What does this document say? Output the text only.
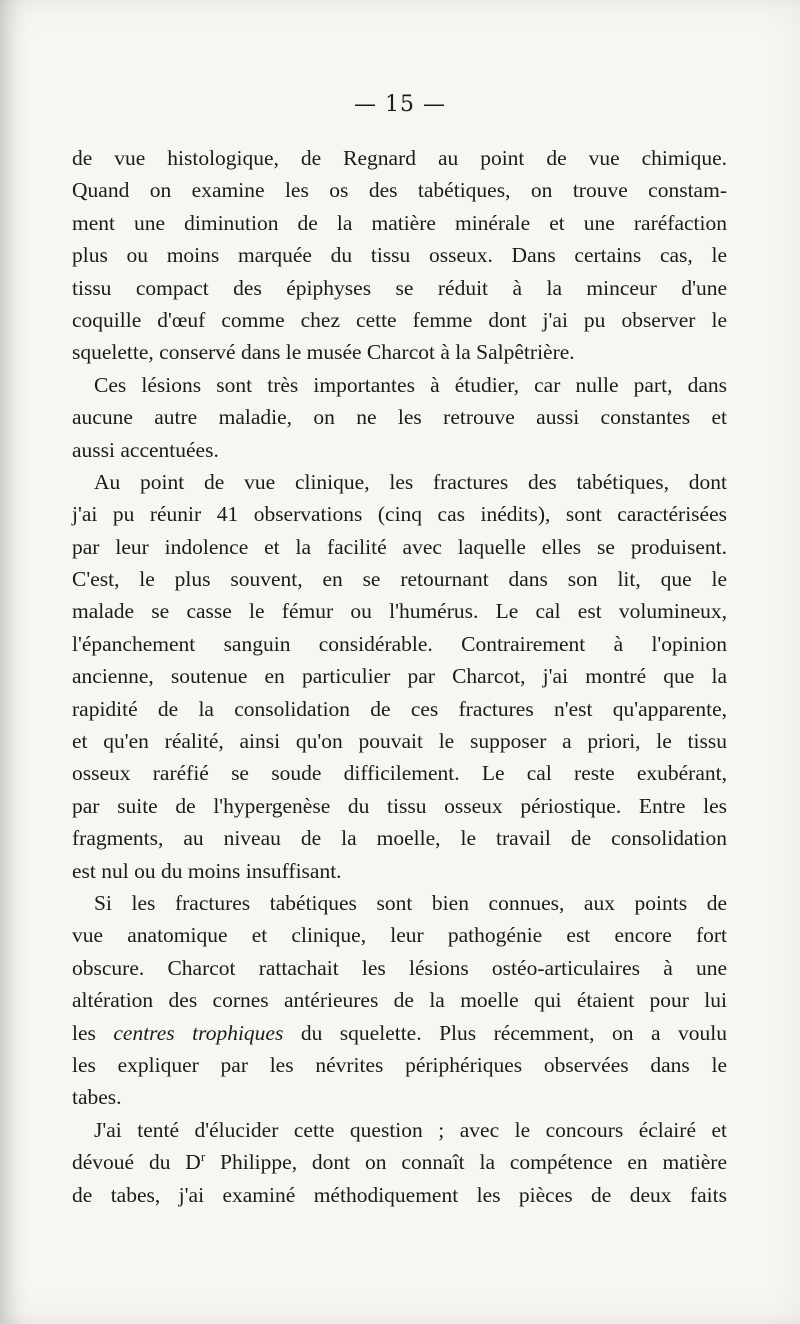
— 15 —
de vue histologique, de Regnard au point de vue chimique.
Quand on examine les os des tabétiques, on trouve constam-
ment une diminution de la matière minérale et une raréfaction
plus ou moins marquée du tissu osseux. Dans certains cas, le
tissu compact des épiphyses se réduit à la minceur d'une
coquille d'œuf comme chez cette femme dont j'ai pu observer le
squelette, conservé dans le musée Charcot à la Salpêtrière.
Ces lésions sont très importantes à étudier, car nulle part, dans
aucune autre maladie, on ne les retrouve aussi constantes et
aussi accentuées.
Au point de vue clinique, les fractures des tabétiques, dont
j'ai pu réunir 41 observations (cinq cas inédits), sont caractérisées
par leur indolence et la facilité avec laquelle elles se produisent.
C'est, le plus souvent, en se retournant dans son lit, que le
malade se casse le fémur ou l'humérus. Le cal est volumineux,
l'épanchement sanguin considérable. Contrairement à l'opinion
ancienne, soutenue en particulier par Charcot, j'ai montré que la
rapidité de la consolidation de ces fractures n'est qu'apparente,
et qu'en réalité, ainsi qu'on pouvait le supposer a priori, le tissu
osseux raréfié se soude difficilement. Le cal reste exubérant,
par suite de l'hypergenèse du tissu osseux périostique. Entre les
fragments, au niveau de la moelle, le travail de consolidation
est nul ou du moins insuffisant.
Si les fractures tabétiques sont bien connues, aux points de
vue anatomique et clinique, leur pathogénie est encore fort
obscure. Charcot rattachait les lésions ostéo-articulaires à une
altération des cornes antérieures de la moelle qui étaient pour lui
les centres trophiques du squelette. Plus récemment, on a voulu
les expliquer par les névrites périphériques observées dans le
tabes.
J'ai tenté d'élucider cette question ; avec le concours éclairé et
dévoué du $D^r$ Philippe, dont on connaît la compétence en matière
de tabes, j'ai examiné méthodiquement les pièces de deux faits
